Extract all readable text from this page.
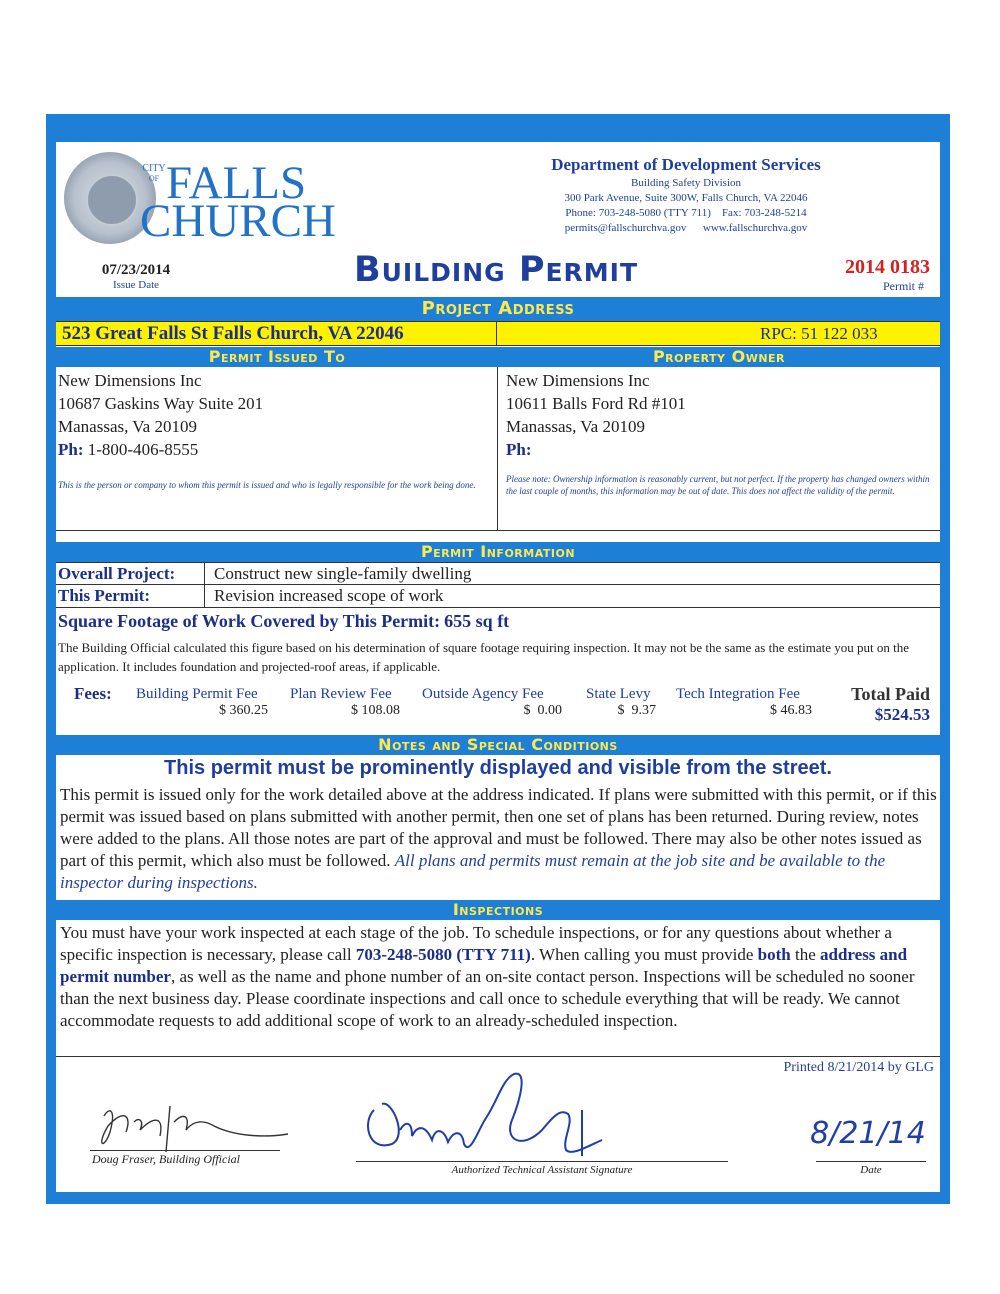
CITY
OF FALLS
CHURCH
Department of Development Services
Building Safety Division
300 Park Avenue, Suite 300W, Falls Church, VA 22046
Phone: 703-248-5080 (TTY 711) Fax: 703-248-5214
permits@fallschurchva.gov www.fallschurchva.gov
07/23/2014
Issue Date	Building Permit	2014 0183
Permit #
Project Address
523 Great Falls St Falls Church, VA 22046	RPC: 51 122 033
Permit Issued To	Property Owner
New Dimensions Inc
10687 Gaskins Way Suite 201
Manassas, Va 20109
Ph: 1-800-406-8555
This is the person or company to whom this permit is issued and who is legally responsible for the work being done.
New Dimensions Inc
10611 Balls Ford Rd #101
Manassas, Va 20109
Ph:
Please note: Ownership information is reasonably current, but not perfect. If the property has changed owners within the last couple of months, this information may be out of date. This does not affect the validity of the permit.
Permit Information
Overall Project: Construct new single-family dwelling
This Permit:	Revision increased scope of work
Square Footage of Work Covered by This Permit: 655 sq ft
The Building Official calculated this figure based on his determination of square footage requiring inspection. It may not be the same as the estimate you put on the application. It includes foundation and projected-roof areas, if applicable.
Fees: Building Permit Fee
$ 360.25
Plan Review Fee
$ 108.08
Outside Agency Fee
$  0.00
State Levy
$  9.37
Tech Integration Fee
$ 46.83
Total Paid
$524.53
Notes and Special Conditions
This permit must be prominently displayed and visible from the street.
This permit is issued only for the work detailed above at the address indicated. If plans were submitted with this permit, or if this permit was issued based on plans submitted with another permit, then one set of plans has been returned. During review, notes were added to the plans. All those notes are part of the approval and must be followed. There may also be other notes issued as part of this permit, which also must be followed. All plans and permits must remain at the job site and be available to the inspector during inspections.
Inspections
You must have your work inspected at each stage of the job. To schedule inspections, or for any questions about whether a specific inspection is necessary, please call 703-248-5080 (TTY 711). When calling you must provide both the address and permit number, as well as the name and phone number of an on-site contact person. Inspections will be scheduled no sooner than the next business day. Please coordinate inspections and call once to schedule everything that will be ready. We cannot accommodate requests to add additional scope of work to an already-scheduled inspection.
Printed 8/21/2014 by GLG
Doug Fraser, Building Official
Authorized Technical Assistant Signature
8/21/14
Date
